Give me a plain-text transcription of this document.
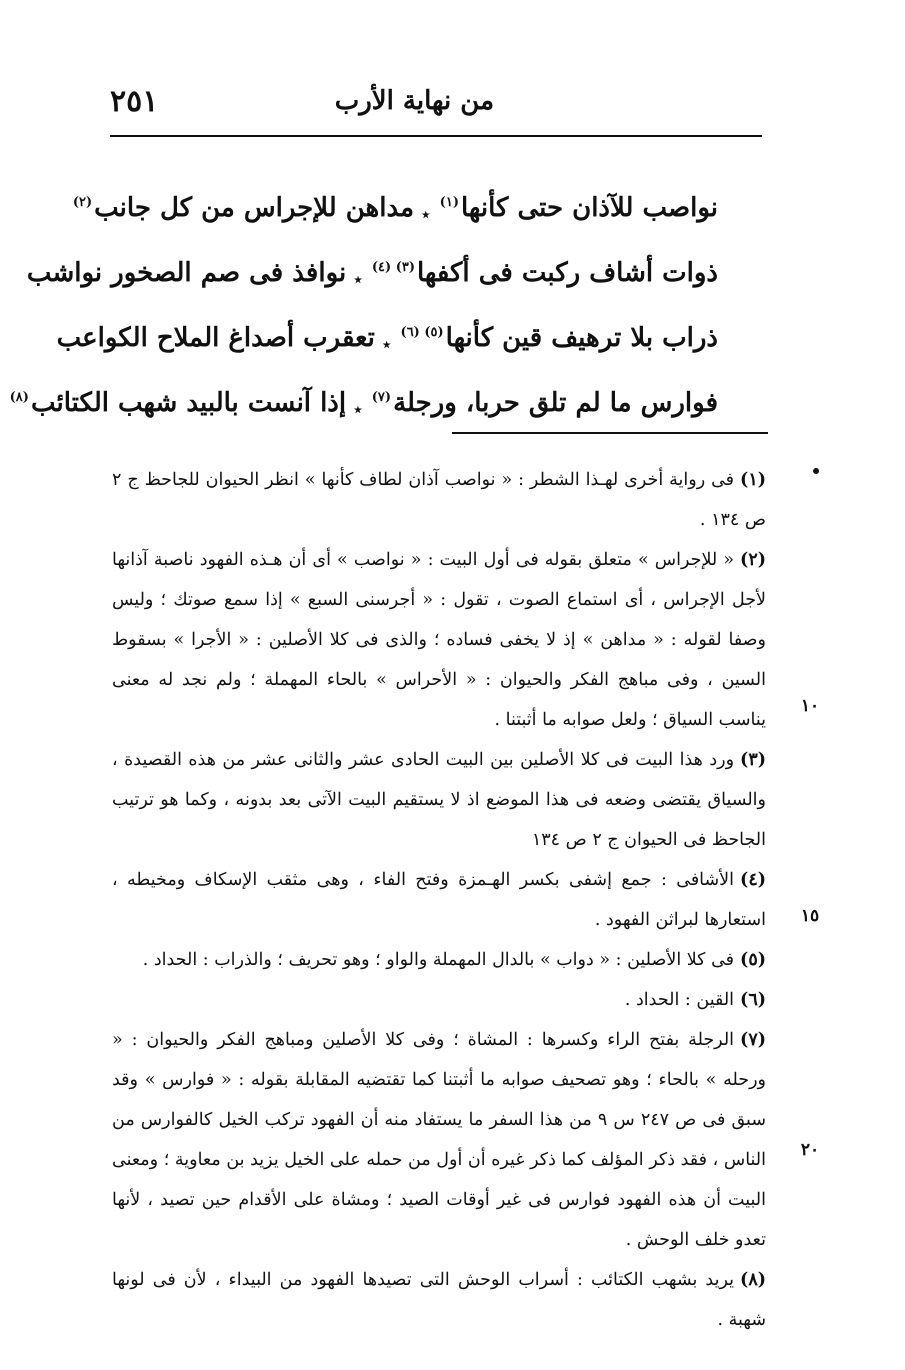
من نهاية الأرب
٢٥١
نواصب للآذان حتى كأنها$^{(١)}$
٭
مداهن للإجراس من كل جانب$^{(٢)}$
ذوات أشاف ركبت فى أكفها$^{(٣) (٤)}$
٭
نوافذ فى صم الصخور نواشب
ذراب بلا ترهيف قين كأنها$^{(٥) (٦)}$
٭
تعقرب أصداغ الملاح الكواعب
فوارس ما لم تلق حربا، ورجلة$^{(٧)}$
٭
إذا آنست بالبيد شهب الكتائب$^{(٨)}$
•
١٠
١٥
٢٠
(١)فى رواية أخرى لهـذا الشطر : « نواصب آذان لطاف كأنها » انظر الحيوان للجاحظ ج ٢ ص ١٣٤ .
(٢)« للإجراس » متعلق بقوله فى أول البيت : « نواصب » أى أن هـذه الفهود ناصبة آذانها لأجل الإجراس ، أى استماع الصوت ، تقول : « أجرسنى السبع » إذا سمع صوتك ؛ وليس وصفا لقوله : « مداهن » إذ لا يخفى فساده ؛ والذى فى كلا الأصلين : « الأجرا » بسقوط السين ، وفى مباهج الفكر والحيوان : « الأحراس » بالحاء المهملة ؛ ولم نجد له معنى يناسب السياق ؛ ولعل صوابه ما أثبتنا .
(٣)ورد هذا البيت فى كلا الأصلين بين البيت الحادى عشر والثانى عشر من هذه القصيدة ، والسياق يقتضى وضعه فى هذا الموضع اذ لا يستقيم البيت الآتى بعد بدونه ، وكما هو ترتيب الجاحظ فى الحيوان ج ٢ ص ١٣٤
(٤)الأشافى : جمع إشفى بكسر الهـمزة وفتح الفاء ، وهى مثقب الإسكاف ومخيطه ، استعارها لبراثن الفهود .
(٥)فى كلا الأصلين : « دواب » بالدال المهملة والواو ؛ وهو تحريف ؛ والذراب : الحداد .
(٦)القين : الحداد .
(٧)الرجلة بفتح الراء وكسرها : المشاة ؛ وفى كلا الأصلين ومباهج الفكر والحيوان : « ورحله » بالحاء ؛ وهو تصحيف صوابه ما أثبتنا كما تقتضيه المقابلة بقوله : « فوارس » وقد سبق فى ص ٢٤٧ س ٩ من هذا السفر ما يستفاد منه أن الفهود تركب الخيل كالفوارس من الناس ، فقد ذكر المؤلف كما ذكر غيره أن أول من حمله على الخيل يزيد بن معاوية ؛ ومعنى البيت أن هذه الفهود فوارس فى غير أوقات الصيد ؛ ومشاة على الأقدام حين تصيد ، لأنها تعدو خلف الوحش .
(٨)يريد بشهب الكتائب : أسراب الوحش التى تصيدها الفهود من البيداء ، لأن فى لونها شهبة .
